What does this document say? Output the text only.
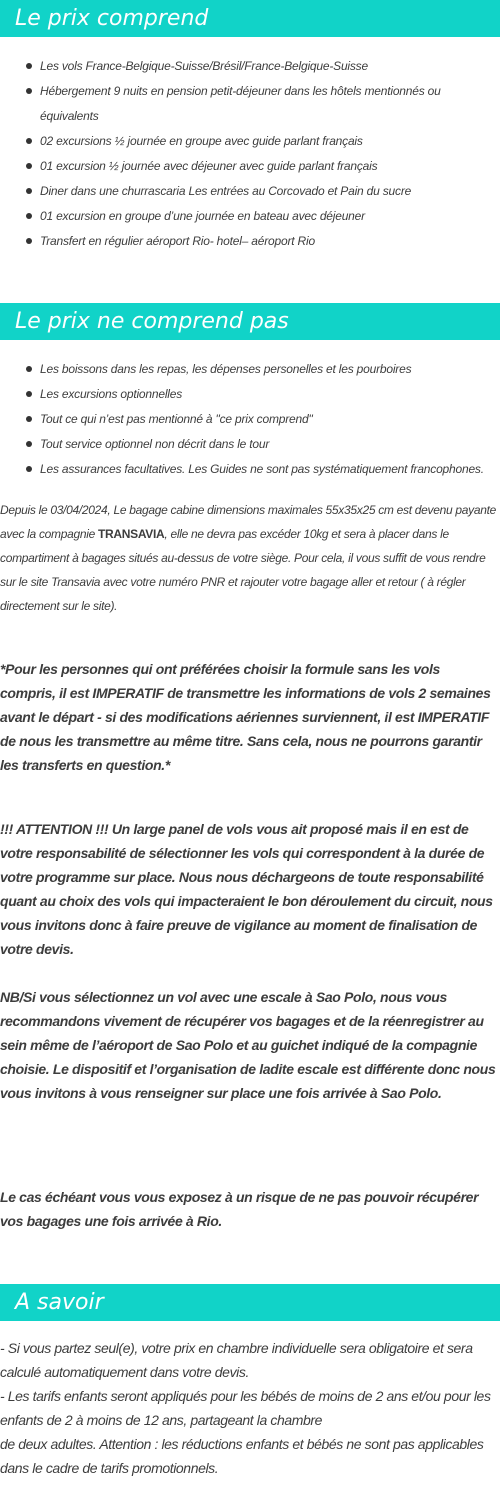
Le prix comprend
Les vols France-Belgique-Suisse/Brésil/France-Belgique-Suisse
Hébergement 9 nuits en pension petit-déjeuner dans les hôtels mentionnés ou équivalents
02 excursions ½ journée en groupe avec guide parlant français
01 excursion ½ journée avec déjeuner avec guide parlant français
Diner dans une churrascaria Les entrées au Corcovado et Pain du sucre
01 excursion en groupe d’une journée en bateau avec déjeuner
Transfert en régulier aéroport Rio- hotel– aéroport Rio
Le prix ne comprend pas
Les boissons dans les repas, les dépenses personelles et les pourboires
Les excursions optionnelles
Tout ce qui n’est pas mentionné à "ce prix comprend"
Tout service optionnel non décrit dans le tour
Les assurances facultatives. Les Guides ne sont pas systématiquement francophones.

Depuis le 03/04/2024, Le bagage cabine dimensions maximales 55x35x25 cm est devenu payante avec la compagnie TRANSAVIA, elle ne devra pas excéder 10kg et sera à placer dans le compartiment à bagages situés au-dessus de votre siège. Pour cela, il vous suffit de vous rendre sur le site Transavia avec votre numéro PNR et rajouter votre bagage aller et retour ( à régler directement sur le site).

*Pour les personnes qui ont préférées choisir la formule sans les vols compris, il est IMPERATIF de transmettre les informations de vols 2 semaines avant le départ - si des modifications aériennes surviennent, il est IMPERATIF de nous les transmettre au même titre. Sans cela, nous ne pourrons garantir les transferts en question.*

!!! ATTENTION !!! Un large panel de vols vous ait proposé mais il en est de votre responsabilité de sélectionner les vols qui correspondent à la durée de votre programme sur place. Nous nous déchargeons de toute responsabilité quant au choix des vols qui impacteraient le bon déroulement du circuit, nous vous invitons donc à faire preuve de vigilance au moment de finalisation de votre devis.

NB/Si vous sélectionnez un vol avec une escale à Sao Polo, nous vous recommandons vivement de récupérer vos bagages et de la réenregistrer au sein même de l’aéroport de Sao Polo et au guichet indiqué de la compagnie choisie. Le dispositif et l’organisation de ladite escale est différente donc nous vous invitons à vous renseigner sur place une fois arrivée à Sao Polo.

Le cas échéant vous vous exposez à un risque de ne pas pouvoir récupérer vos bagages une fois arrivée à Rio.

A savoir
- Si vous partez seul(e), votre prix en chambre individuelle sera obligatoire et sera calculé automatiquement dans votre devis.
- Les tarifs enfants seront appliqués pour les bébés de moins de 2 ans et/ou pour les enfants de 2 à moins de 12 ans, partageant la chambre
de deux adultes. Attention : les réductions enfants et bébés ne sont pas applicables dans le cadre de tarifs promotionnels.
